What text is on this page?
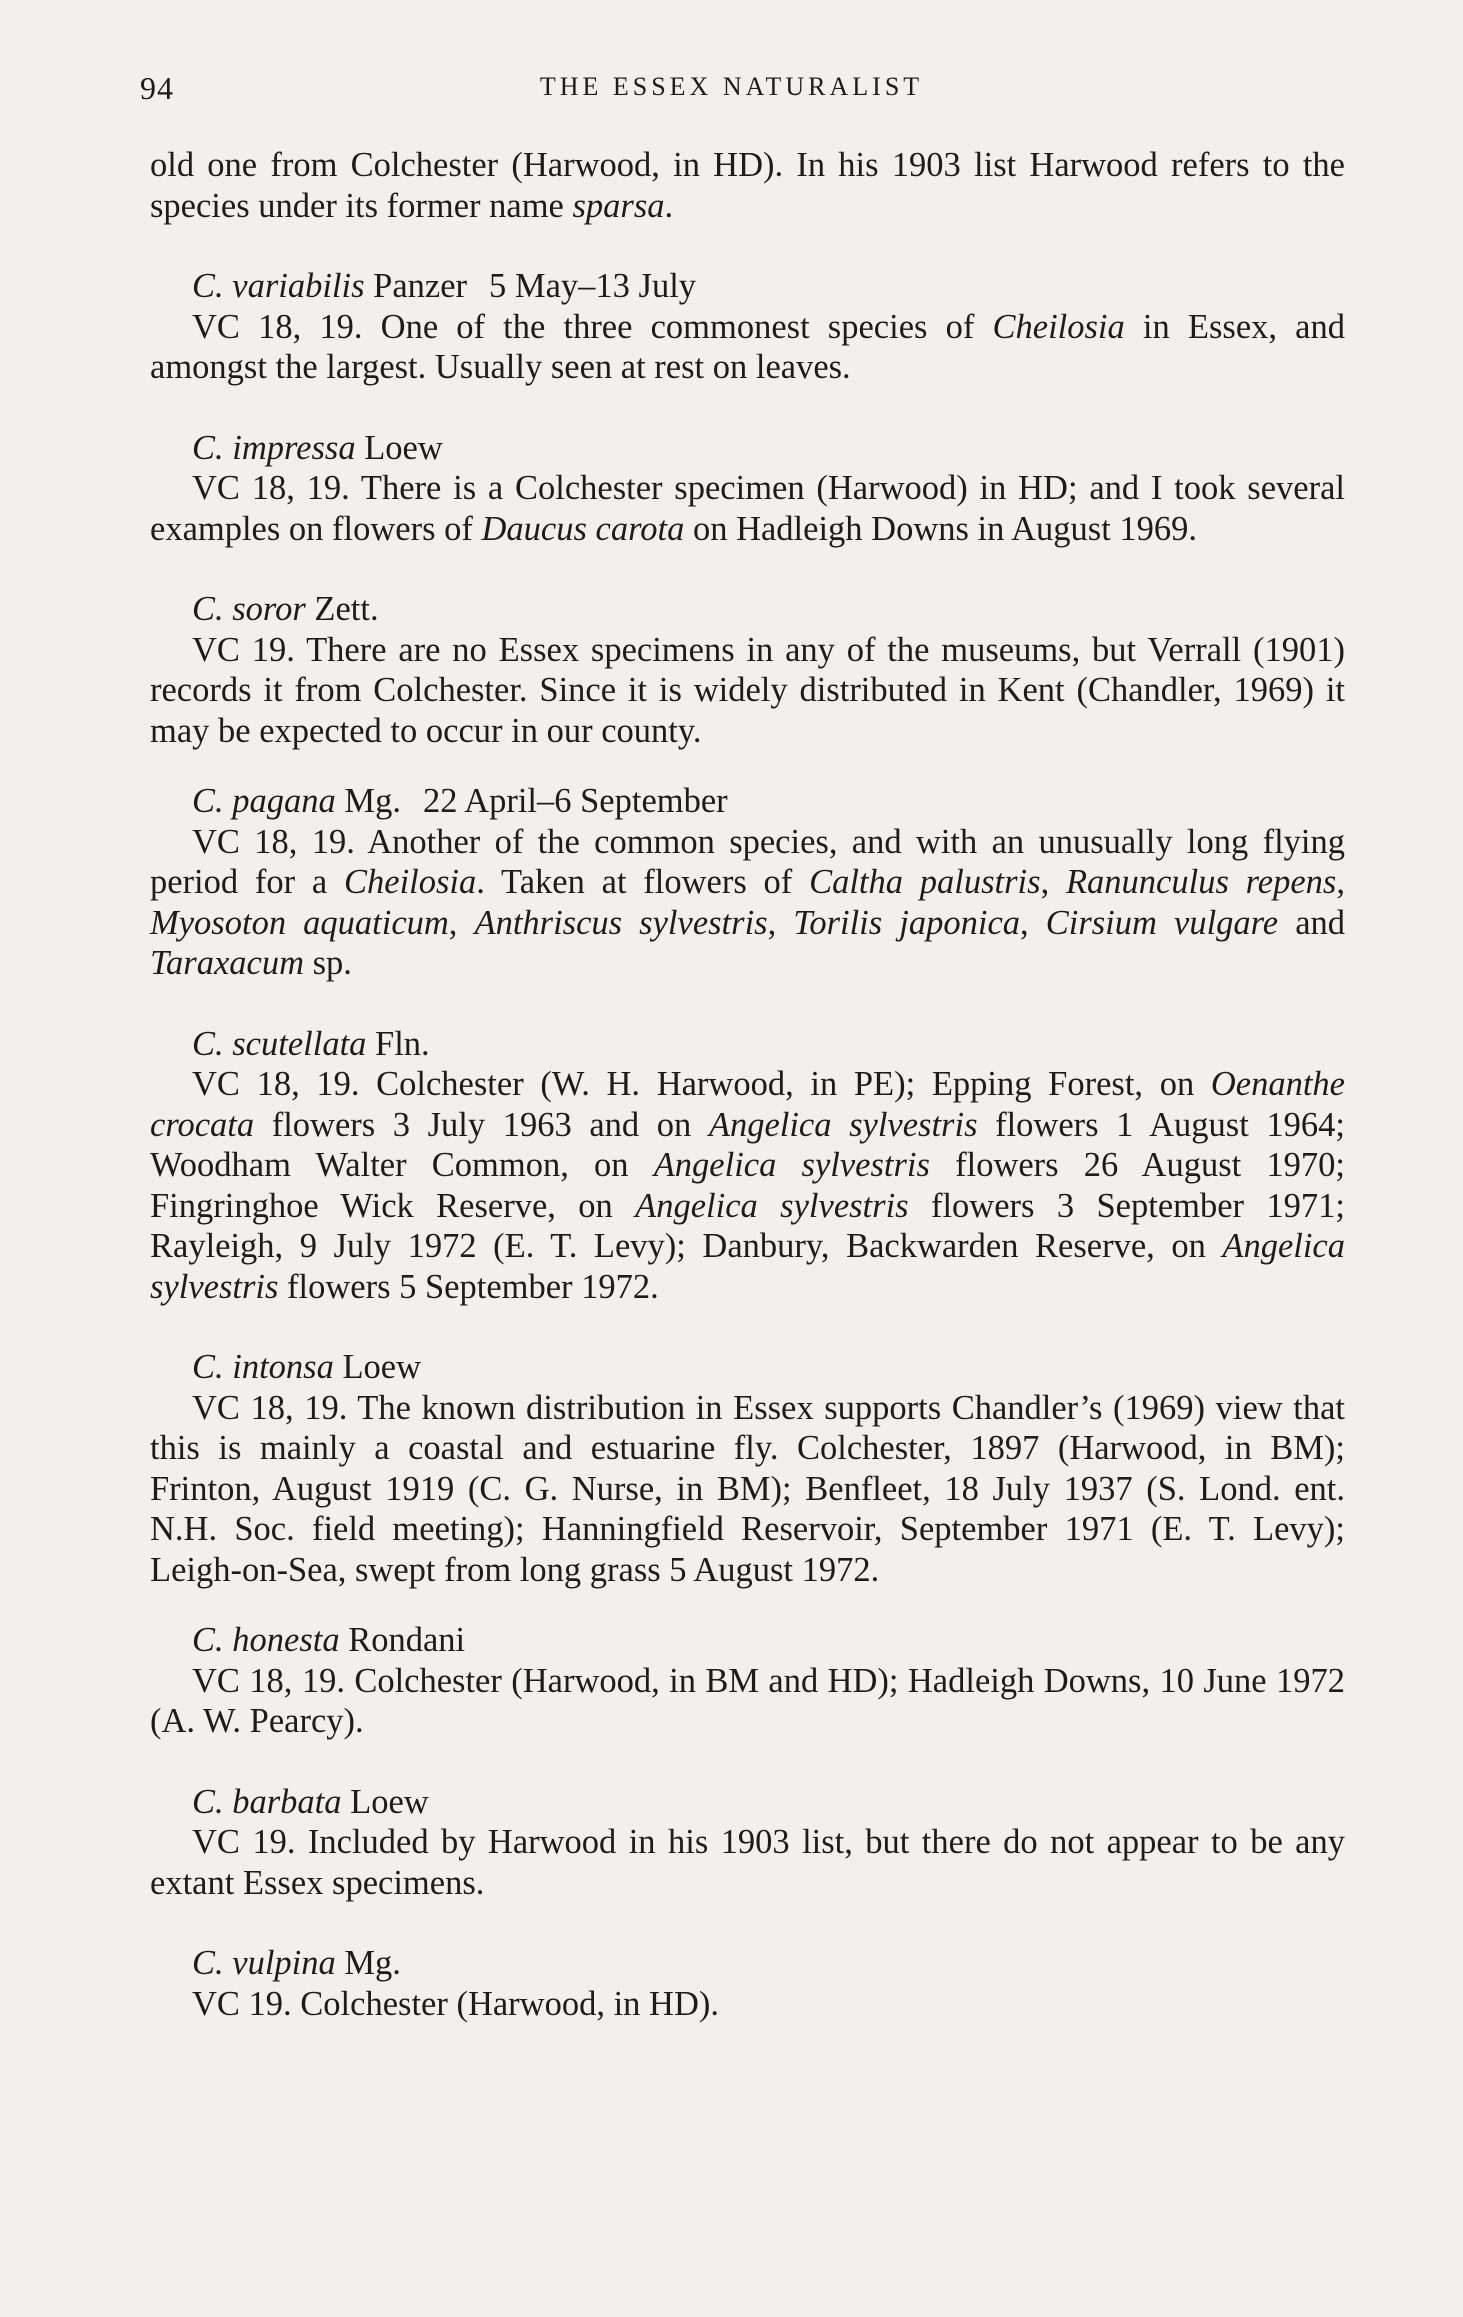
94	THE ESSEX NATURALIST

old one from Colchester (Harwood, in HD). In his 1903 list Harwood refers to the species under its former name sparsa.

C. variabilis Panzer 5 May–13 July

VC 18, 19. One of the three commonest species of Cheilosia in Essex, and amongst the largest. Usually seen at rest on leaves.

C. impressa Loew

VC 18, 19. There is a Colchester specimen (Harwood) in HD; and I took several examples on flowers of Daucus carota on Hadleigh Downs in August 1969.

C. soror Zett.

VC 19. There are no Essex specimens in any of the museums, but Verrall (1901) records it from Colchester. Since it is widely distributed in Kent (Chandler, 1969) it may be expected to occur in our county.

C. pagana Mg. 22 April–6 September

VC 18, 19. Another of the common species, and with an unusually long flying period for a Cheilosia. Taken at flowers of Caltha palustris, Ranunculus repens, Myosoton aquaticum, Anthriscus sylvestris, Torilis japonica, Cirsium vulgare and Taraxacum sp.

C. scutellata Fln.

VC 18, 19. Colchester (W. H. Harwood, in PE); Epping Forest, on Oenanthe crocata flowers 3 July 1963 and on Angelica sylvestris flowers 1 August 1964; Woodham Walter Common, on Angelica sylvestris flowers 26 August 1970; Fingringhoe Wick Reserve, on Angelica sylvestris flowers 3 September 1971; Rayleigh, 9 July 1972 (E. T. Levy); Danbury, Backwarden Reserve, on Angelica sylvestris flowers 5 September 1972.

C. intonsa Loew

VC 18, 19. The known distribution in Essex supports Chandler’s (1969) view that this is mainly a coastal and estuarine fly. Colchester, 1897 (Harwood, in BM); Frinton, August 1919 (C. G. Nurse, in BM); Benfleet, 18 July 1937 (S. Lond. ent. N.H. Soc. field meeting); Hanningfield Reservoir, September 1971 (E. T. Levy); Leigh-on-Sea, swept from long grass 5 August 1972.

C. honesta Rondani

VC 18, 19. Colchester (Harwood, in BM and HD); Hadleigh Downs, 10 June 1972 (A. W. Pearcy).

C. barbata Loew

VC 19. Included by Harwood in his 1903 list, but there do not appear to be any extant Essex specimens.

C. vulpina Mg.

VC 19. Colchester (Harwood, in HD).
